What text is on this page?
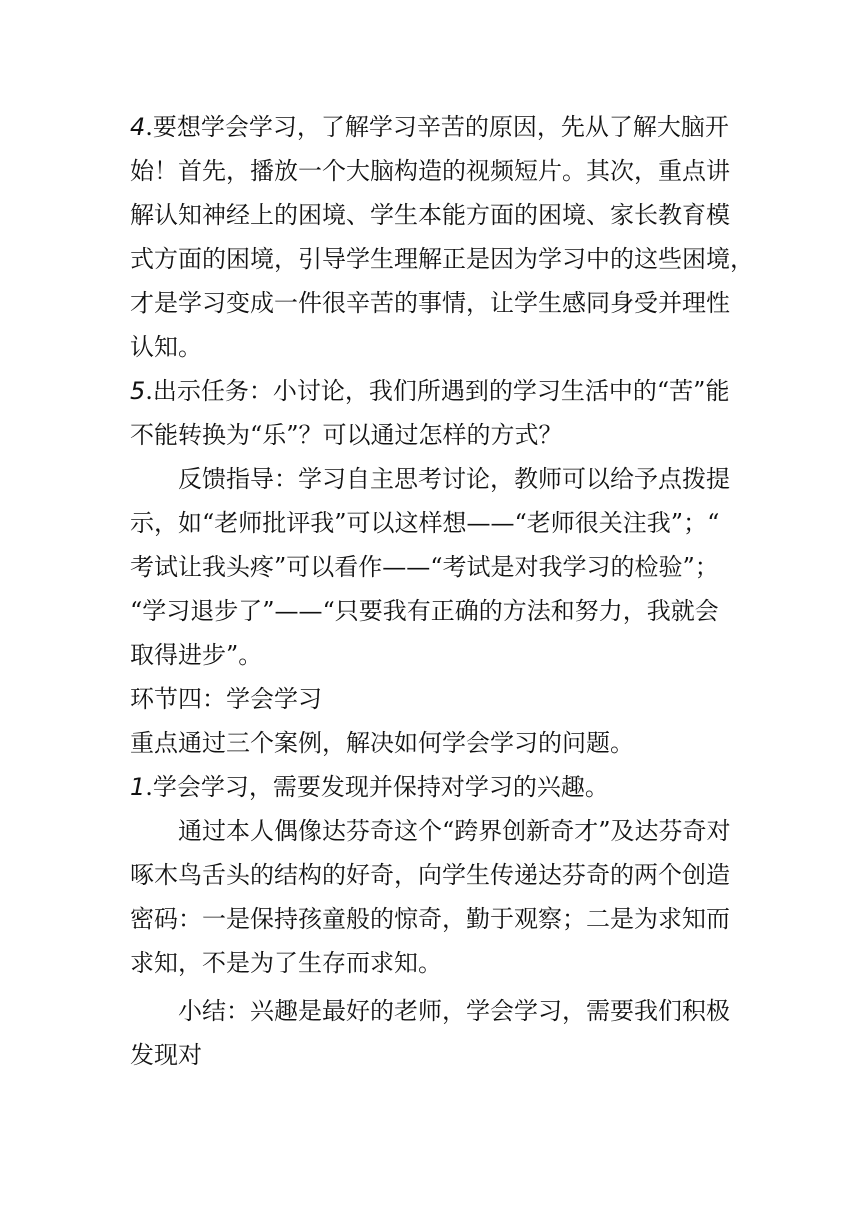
4.要想学会学习，了解学习辛苦的原因，先从了解大脑开
始！首先，播放一个大脑构造的视频短片。其次，重点讲
解认知神经上的困境、学生本能方面的困境、家长教育模
式方面的困境，引导学生理解正是因为学习中的这些困境，
才是学习变成一件很辛苦的事情，让学生感同身受并理性
认知。
5.出示任务：小讨论，我们所遇到的学习生活中的“苦”能
不能转换为“乐”？可以通过怎样的方式？
反馈指导：学习自主思考讨论，教师可以给予点拨提
示，如“老师批评我”可以这样想——“老师很关注我”；“
考试让我头疼”可以看作——“考试是对我学习的检验”；
“学习退步了”——“只要我有正确的方法和努力，我就会
取得进步”。
环节四：学会学习
重点通过三个案例，解决如何学会学习的问题。
1.学会学习，需要发现并保持对学习的兴趣。
通过本人偶像达芬奇这个“跨界创新奇才”及达芬奇对
啄木鸟舌头的结构的好奇，向学生传递达芬奇的两个创造
密码：一是保持孩童般的惊奇，勤于观察；二是为求知而
求知，不是为了生存而求知。
小结：兴趣是最好的老师，学会学习，需要我们积极
发现对
